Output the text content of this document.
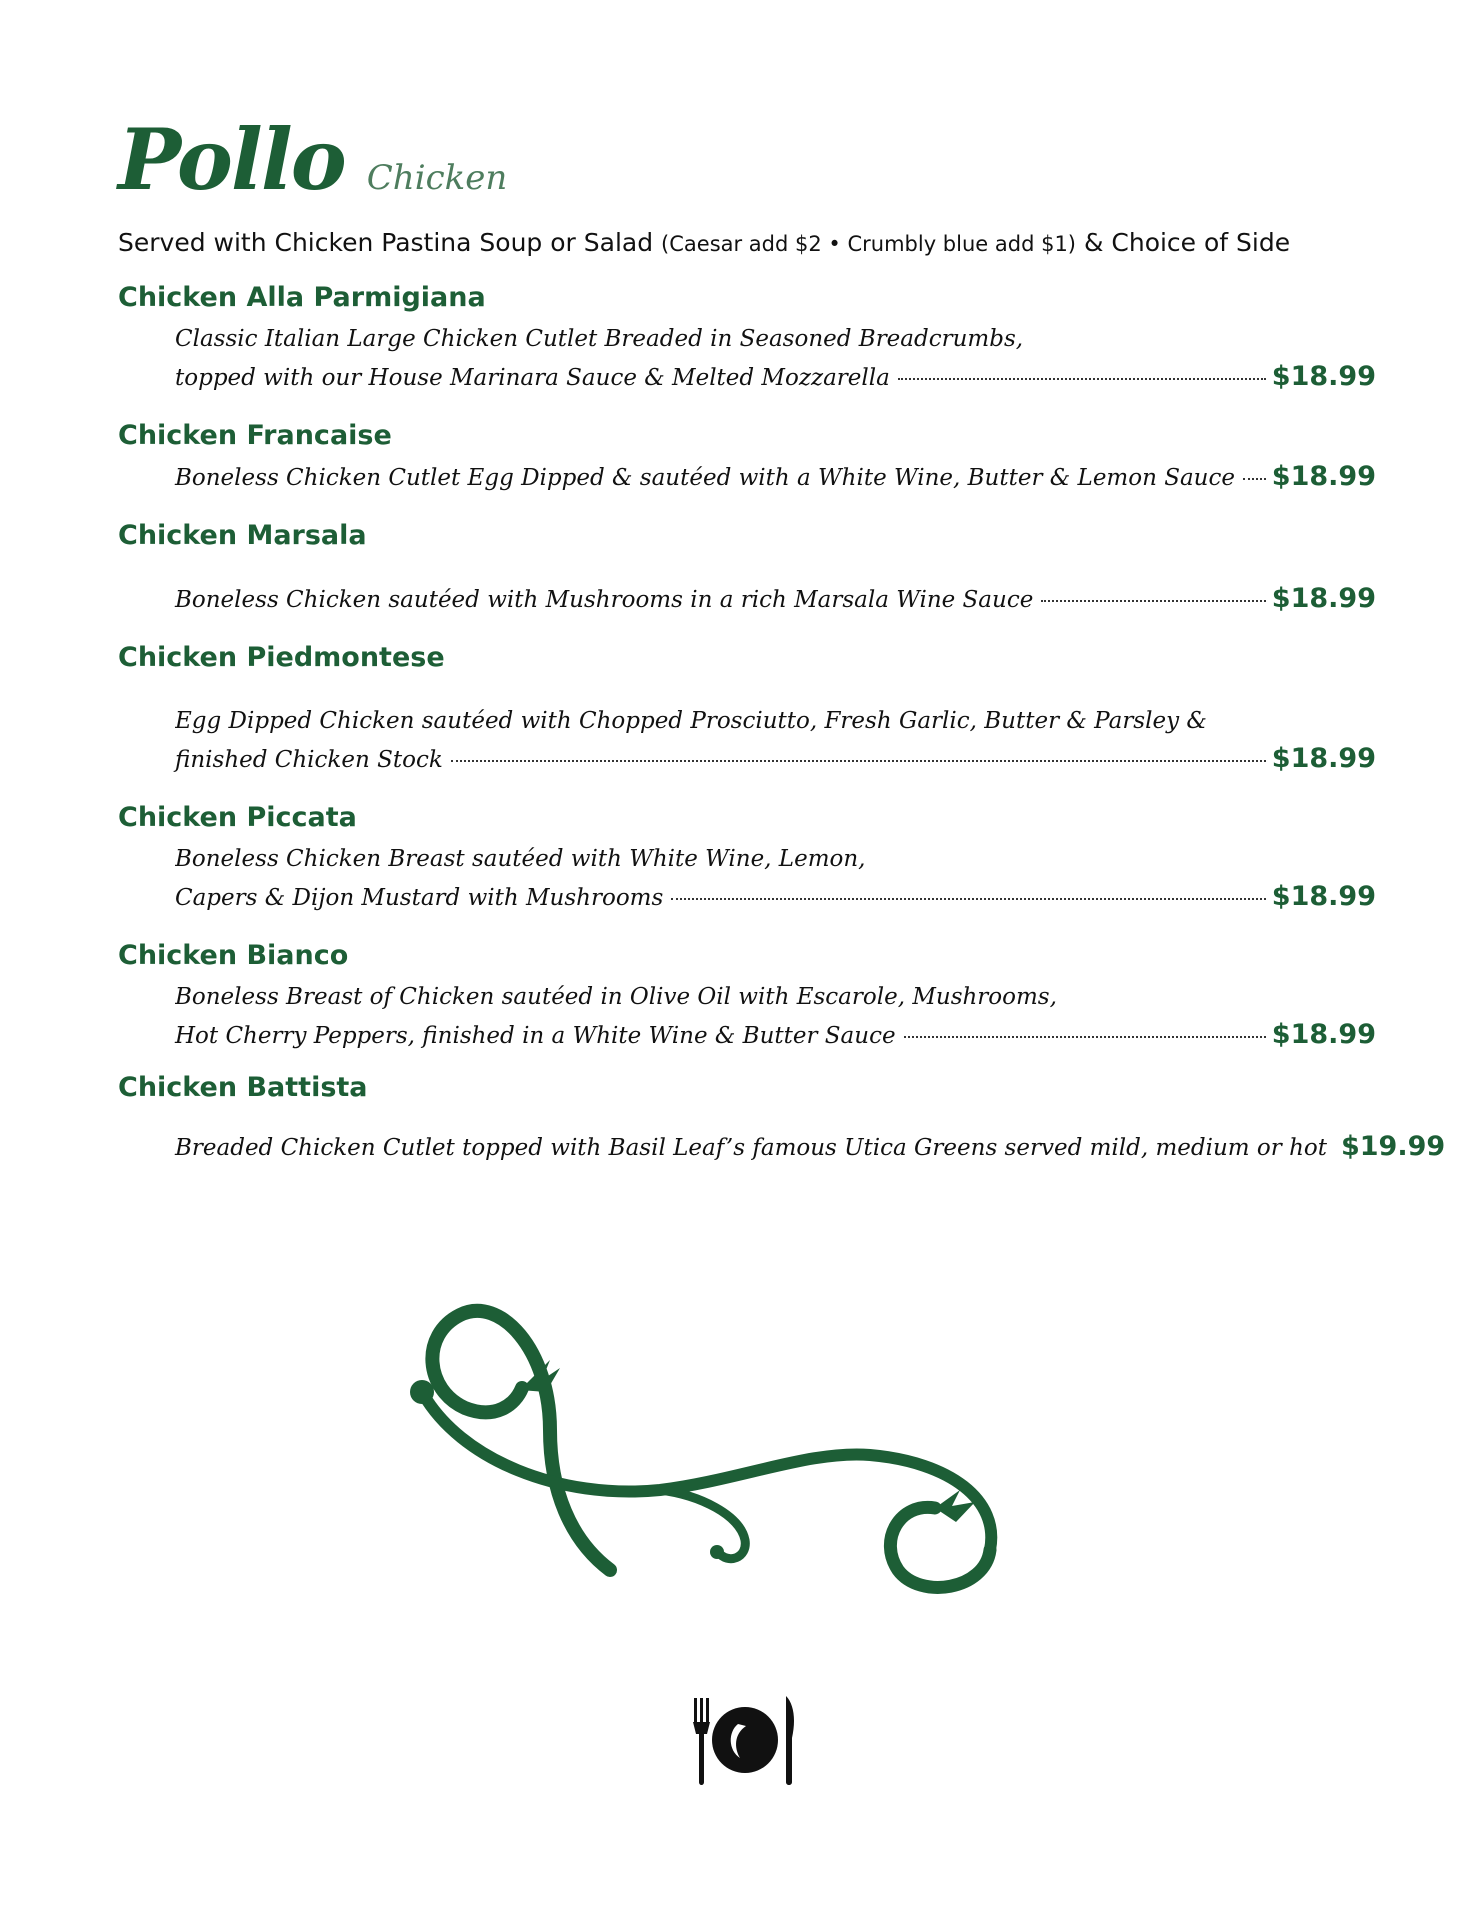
Pollo Chicken
Served with Chicken Pastina Soup or Salad (Caesar add $2 • Crumbly blue add $1) & Choice of Side
Chicken Alla Parmigiana
Classic Italian Large Chicken Cutlet Breaded in Seasoned Breadcrumbs,
topped with our House Marinara Sauce & Melted Mozzarella	$18.99
Chicken Francaise
Boneless Chicken Cutlet Egg Dipped & sautéed with a White Wine, Butter & Lemon Sauce $18.99
Chicken Marsala
Boneless Chicken sautéed with Mushrooms in a rich Marsala Wine Sauce	$18.99
Chicken Piedmontese
Egg Dipped Chicken sautéed with Chopped Prosciutto, Fresh Garlic, Butter & Parsley &
finished Chicken Stock	$18.99
Chicken Piccata
Boneless Chicken Breast sautéed with White Wine, Lemon,
Capers & Dijon Mustard with Mushrooms	$18.99
Chicken Bianco
Boneless Breast of Chicken sautéed in Olive Oil with Escarole, Mushrooms,
Hot Cherry Peppers, finished in a White Wine & Butter Sauce	$18.99
Chicken Battista
Breaded Chicken Cutlet topped with Basil Leaf’s famous Utica Greens served mild, medium or hot $19.99
